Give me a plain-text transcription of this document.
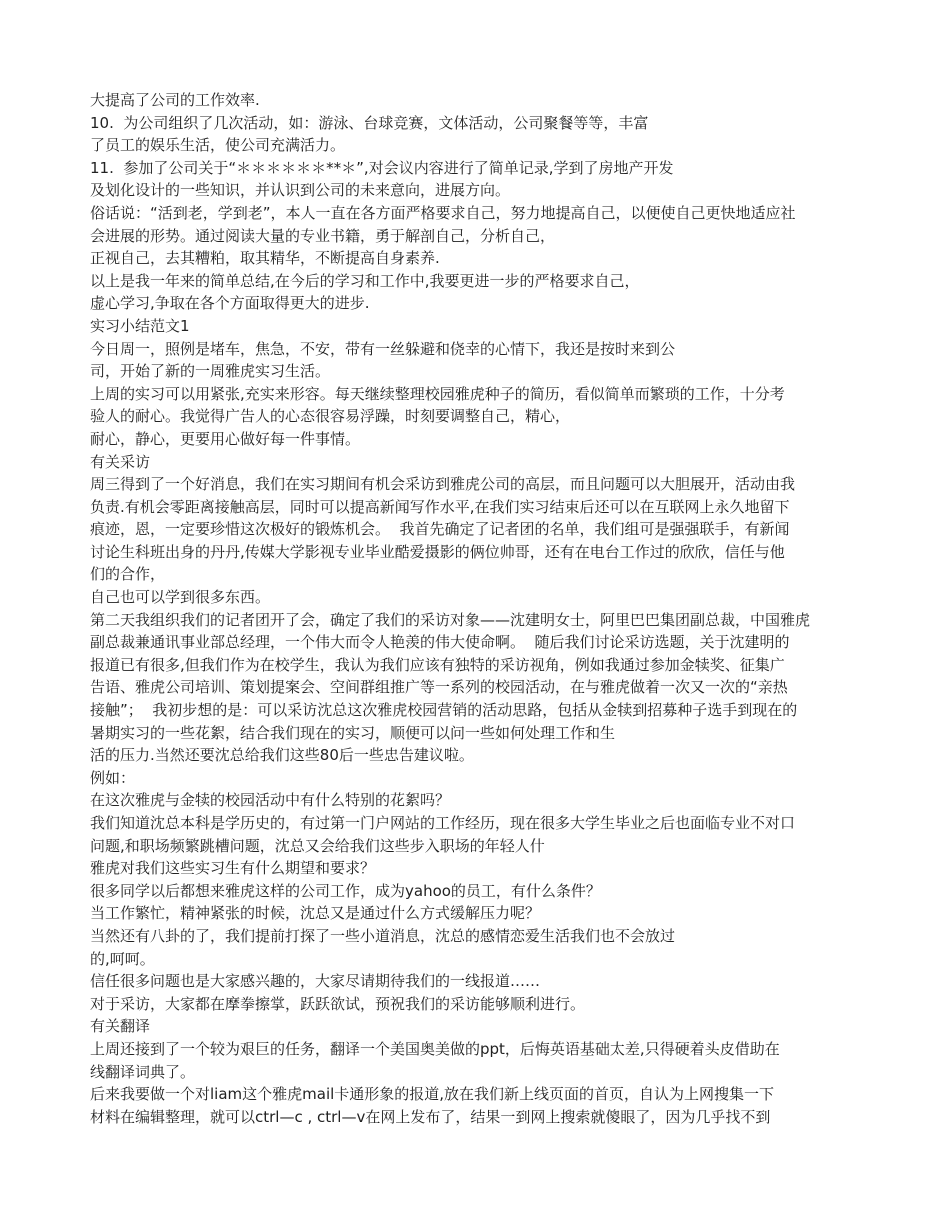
大提高了公司的工作效率.
10.  为公司组织了几次活动，如：游泳、台球竞赛，文体活动，公司聚餐等等，丰富
了员工的娱乐生活，使公司充满活力。
11.  参加了公司关于“＊＊＊＊＊＊**＊”,对会议内容进行了简单记录,学到了房地产开发
及划化设计的一些知识，并认识到公司的未来意向，进展方向。
俗话说：“活到老，学到老”，本人一直在各方面严格要求自己，努力地提高自己，以便使自己更快地适应社
会进展的形势。通过阅读大量的专业书籍，勇于解剖自己，分析自己，
正视自己，去其糟粕，取其精华，不断提高自身素养.
以上是我一年来的简单总结,在今后的学习和工作中,我要更进一步的严格要求自己，
虚心学习,争取在各个方面取得更大的进步.
实习小结范文1
今日周一，照例是堵车，焦急，不安，带有一丝躲避和侥幸的心情下，我还是按时来到公
司，开始了新的一周雅虎实习生活。
上周的实习可以用紧张,充实来形容。每天继续整理校园雅虎种子的简历，看似简单而繁琐的工作，十分考
验人的耐心。我觉得广告人的心态很容易浮躁，时刻要调整自己，精心，
耐心，静心，更要用心做好每一件事情。
有关采访
周三得到了一个好消息，我们在实习期间有机会采访到雅虎公司的高层，而且问题可以大胆展开，活动由我
负责.有机会零距离接触高层，同时可以提高新闻写作水平,在我们实习结束后还可以在互联网上永久地留下
痕迹，恩，一定要珍惜这次极好的锻炼机会。  我首先确定了记者团的名单，我们组可是强强联手，有新闻
讨论生科班出身的丹丹,传媒大学影视专业毕业酷爱摄影的俩位帅哥，还有在电台工作过的欣欣，信任与他
们的合作，
自己也可以学到很多东西。
第二天我组织我们的记者团开了会，确定了我们的采访对象——沈建明女士，阿里巴巴集团副总裁，中国雅虎
副总裁兼通讯事业部总经理，一个伟大而令人艳羡的伟大使命啊。  随后我们讨论采访选题，关于沈建明的
报道已有很多,但我们作为在校学生，我认为我们应该有独特的采访视角，例如我通过参加金犊奖、征集广
告语、雅虎公司培训、策划提案会、空间群组推广等一系列的校园活动，在与雅虎做着一次又一次的“亲热
接触”；  我初步想的是：可以采访沈总这次雅虎校园营销的活动思路，包括从金犊到招募种子选手到现在的
暑期实习的一些花絮，结合我们现在的实习，顺便可以问一些如何处理工作和生
活的压力.当然还要沈总给我们这些80后一些忠告建议啦。
例如：
在这次雅虎与金犊的校园活动中有什么特别的花絮吗？
我们知道沈总本科是学历史的，有过第一门户网站的工作经历，现在很多大学生毕业之后也面临专业不对口
问题,和职场频繁跳槽问题，沈总又会给我们这些步入职场的年轻人什
雅虎对我们这些实习生有什么期望和要求？
很多同学以后都想来雅虎这样的公司工作，成为yahoo的员工，有什么条件？
当工作繁忙，精神紧张的时候，沈总又是通过什么方式缓解压力呢？
当然还有八卦的了，我们提前打探了一些小道消息，沈总的感情恋爱生活我们也不会放过
的,呵呵。
信任很多问题也是大家感兴趣的，大家尽请期待我们的一线报道……
对于采访，大家都在摩拳擦掌，跃跃欲试，预祝我们的采访能够顺利进行。
有关翻译
上周还接到了一个较为艰巨的任务，翻译一个美国奥美做的ppt，后悔英语基础太差,只得硬着头皮借助在
线翻译词典了。
后来我要做一个对liam这个雅虎mail卡通形象的报道,放在我们新上线页面的首页，自认为上网搜集一下
材料在编辑整理，就可以ctrl—c , ctrl—v在网上发布了，结果一到网上搜索就傻眼了，因为几乎找不到
